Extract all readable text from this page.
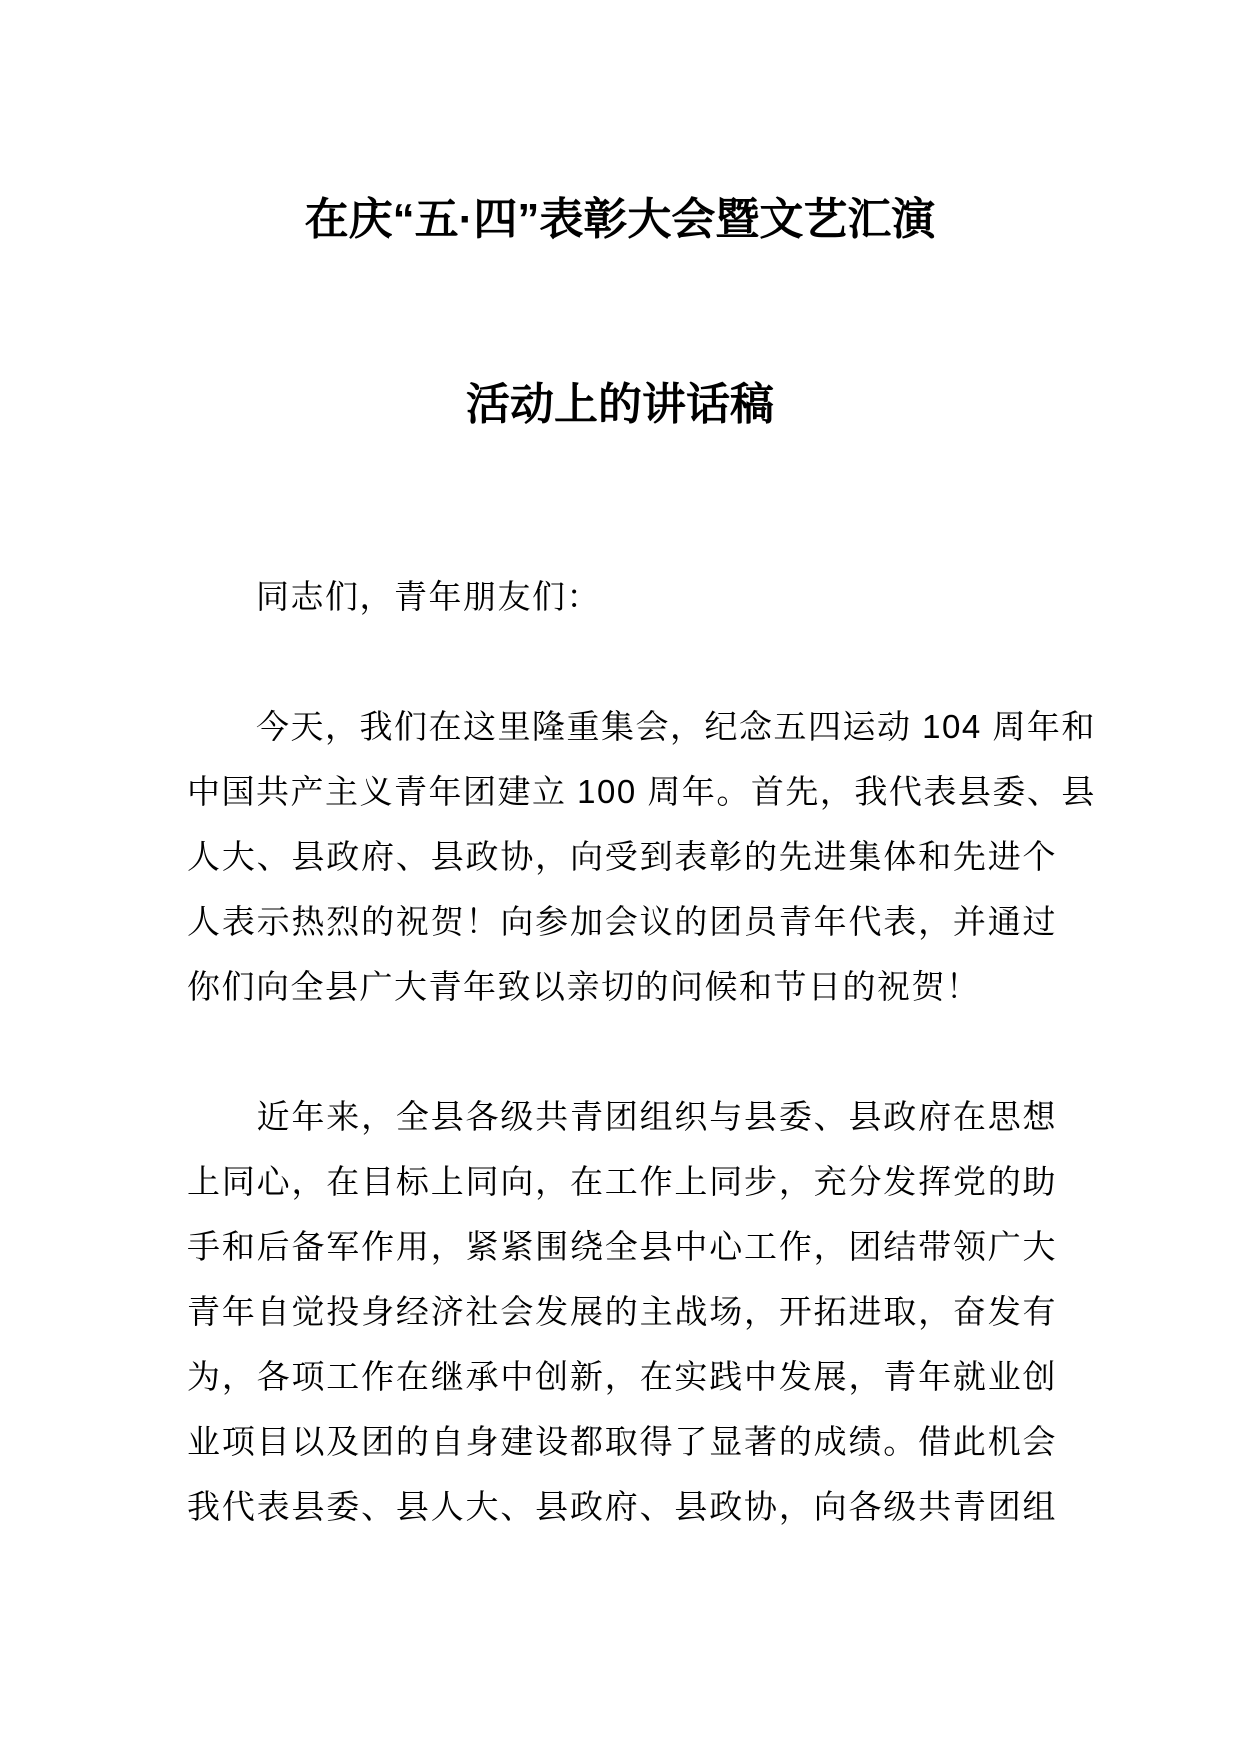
在庆“五·四”表彰大会暨文艺汇演
活动上的讲话稿
　　同志们，青年朋友们：
　　今天，我们在这里隆重集会，纪念五四运动 104 周年和
中国共产主义青年团建立 100 周年。首先，我代表县委、县
人大、县政府、县政协，向受到表彰的先进集体和先进个
人表示热烈的祝贺！向参加会议的团员青年代表，并通过
你们向全县广大青年致以亲切的问候和节日的祝贺！
　　近年来，全县各级共青团组织与县委、县政府在思想
上同心，在目标上同向，在工作上同步，充分发挥党的助
手和后备军作用，紧紧围绕全县中心工作，团结带领广大
青年自觉投身经济社会发展的主战场，开拓进取，奋发有
为，各项工作在继承中创新，在实践中发展，青年就业创
业项目以及团的自身建设都取得了显著的成绩。借此机会
我代表县委、县人大、县政府、县政协，向各级共青团组
